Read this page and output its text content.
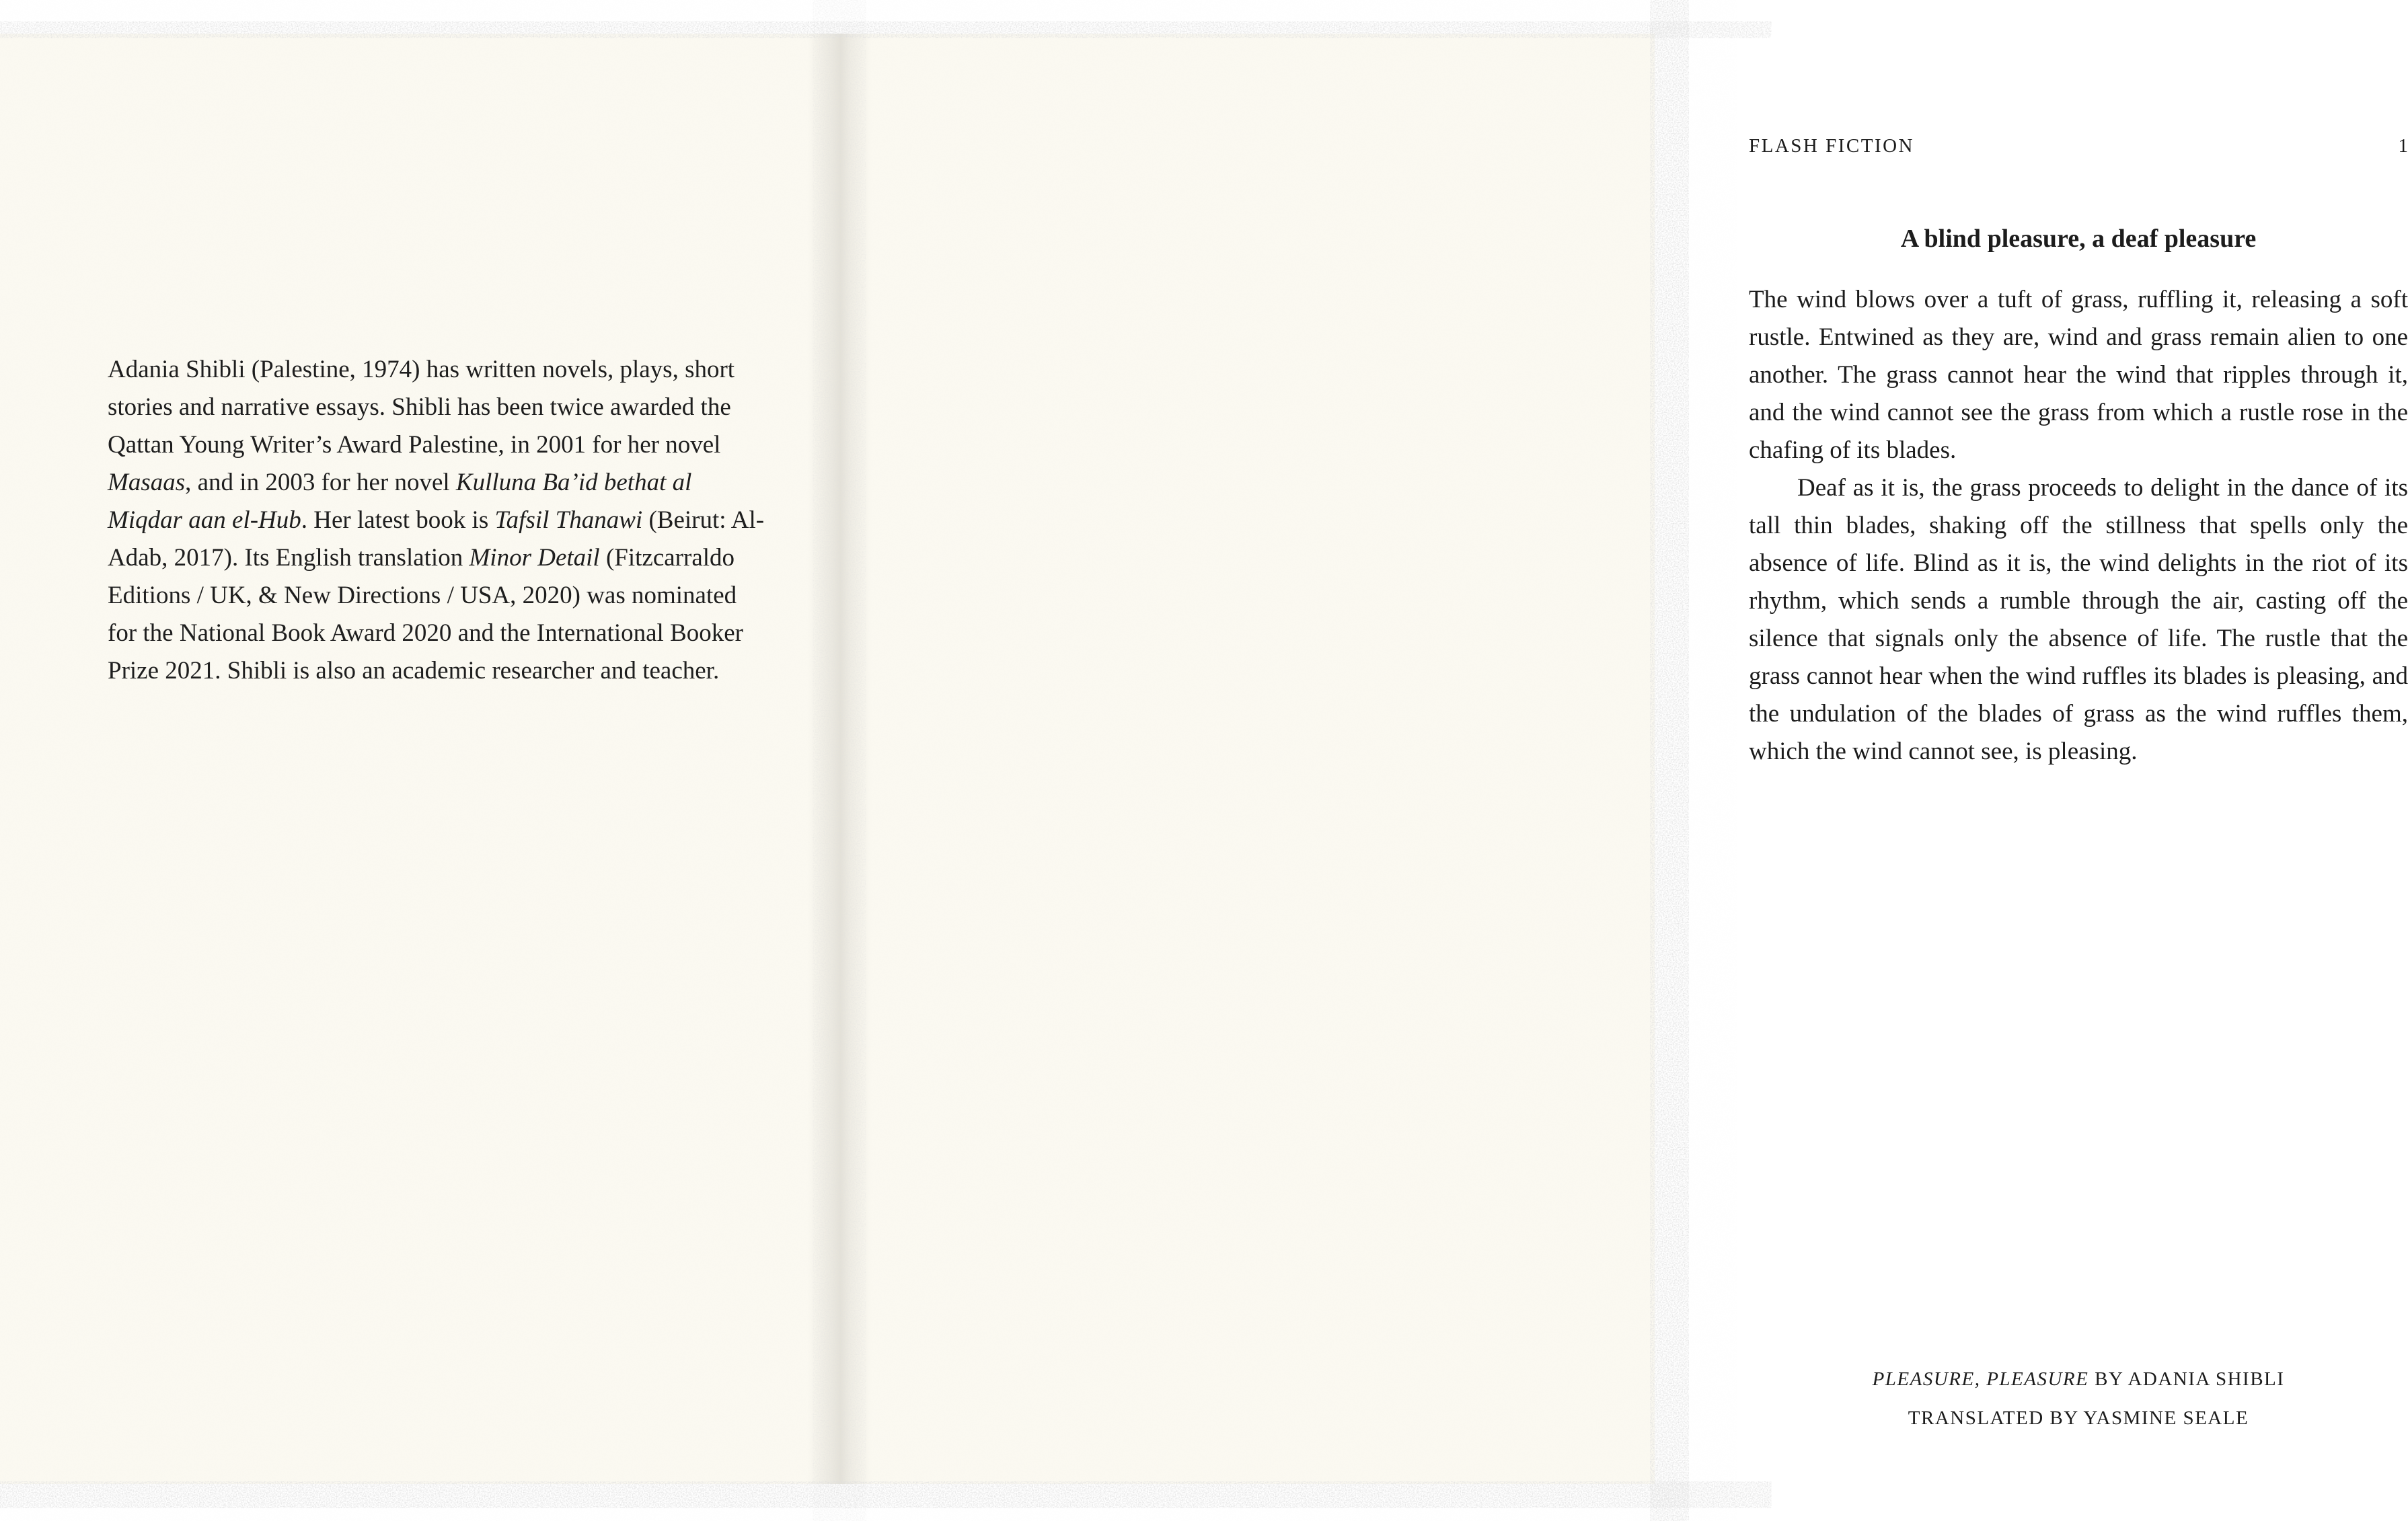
Adania Shibli (Palestine, 1974) has written novels, plays, short stories and narrative essays. Shibli has been twice awarded the Qattan Young Writer’s Award Palestine, in 2001 for her novel Masaas, and in 2003 for her novel Kulluna Ba’id bethat al Miqdar aan el-Hub. Her latest book is Tafsil Thanawi (Beirut: Al-Adab, 2017). Its English translation Minor Detail (Fitzcarraldo Editions / UK, & New Directions / USA, 2020) was nominated for the National Book Award 2020 and the International Booker Prize 2021. Shibli is also an academic researcher and teacher.
FLASH FICTION	1
A blind pleasure, a deaf pleasure

The wind blows over a tuft of grass, ruffling it, releasing a soft rustle. Entwined as they are, wind and grass remain alien to one another. The grass cannot hear the wind that ripples through it, and the wind cannot see the grass from which a rustle rose in the chafing of its blades.

Deaf as it is, the grass proceeds to delight in the dance of its tall thin blades, shaking off the stillness that spells only the absence of life. Blind as it is, the wind delights in the riot of its rhythm, which sends a rumble through the air, casting off the silence that signals only the absence of life. The rustle that the grass cannot hear when the wind ruffles its blades is pleasing, and the undulation of the blades of grass as the wind ruffles them, which the wind cannot see, is pleasing.

PLEASURE, PLEASURE BY ADANIA SHIBLI
TRANSLATED BY YASMINE SEALE
